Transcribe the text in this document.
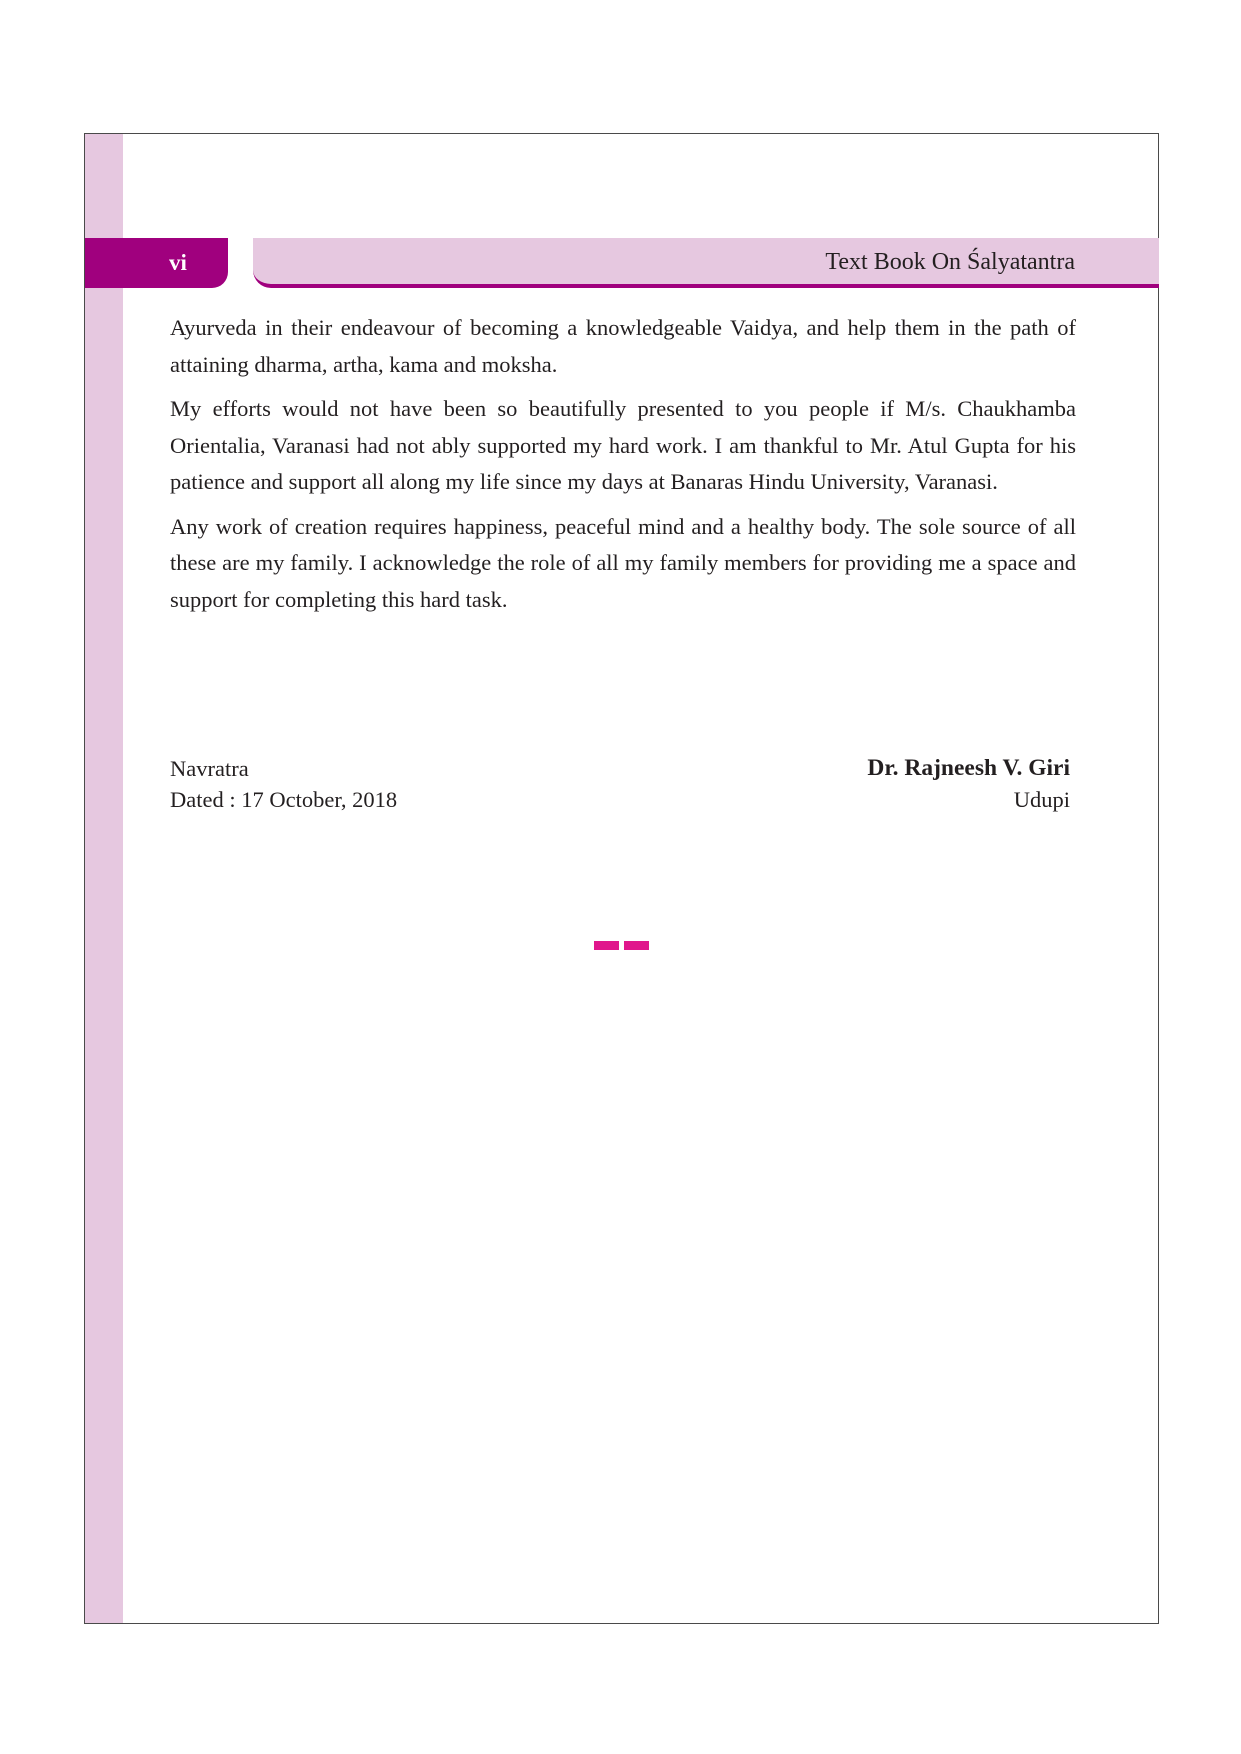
vi	Text Book On Śalyatantra

Ayurveda in their endeavour of becoming a knowledgeable Vaidya, and help them in the path of attaining dharma, artha, kama and moksha.

My efforts would not have been so beautifully presented to you people if M/s. Chaukhamba Orientalia, Varanasi had not ably supported my hard work. I am thankful to Mr. Atul Gupta for his patience and support all along my life since my days at Banaras Hindu University, Varanasi.

Any work of creation requires happiness, peaceful mind and a healthy body. The sole source of all these are my family. I acknowledge the role of all my family members for providing me a space and support for completing this hard task.

Navratra
Dated : 17 October, 2018
Dr. Rajneesh V. Giri
Udupi
